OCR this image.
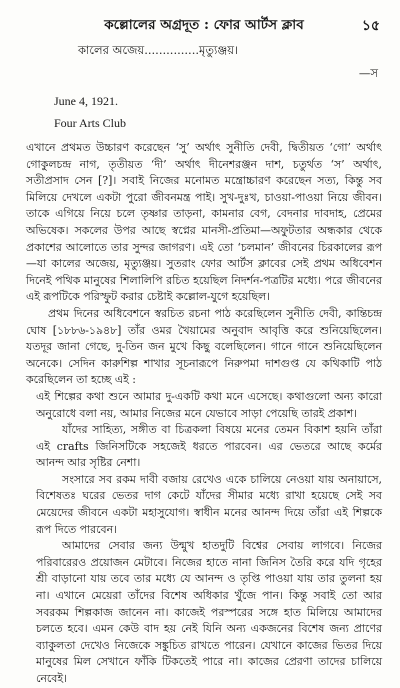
কল্লোলের অগ্রদূত : ফোর আর্টস ক্লাব	১৫
কালের অজেয়...............মৃত্যুঞ্জয়।
—স
June 4, 1921.
Four Arts Club

এখানে প্রথমত উচ্চারণ করেছেন ‘সু’ অর্থাৎ সুনীতি দেবী, দ্বিতীয়ত ‘গো’ অর্থাৎ গোকুলচন্দ্র নাগ, তৃতীয়ত ‘দী’ অর্থাৎ দীনেশরঞ্জন দাশ, চতুর্থত ‘স’ অর্থাৎ, সতীপ্রসাদ সেন [?]। সবাই নিজের মনোমত মন্ত্রোচ্চারণ করেছেন সত্য, কিন্তু সব মিলিয়ে দেখলে একটা পুরো জীবনমন্ত্র পাই। সুখ-দুঃখ, চাওয়া-পাওয়া নিয়ে জীবন। তাকে এগিয়ে নিয়ে চলে তৃষ্ণার তাড়না, কামনার বেগ, বেদনার দাবদাহ, প্রেমের অভিষেক। সকলের উপর আছে স্বপ্নের মানসী-প্রতিমা—অফুটতার অন্ধকার থেকে প্রকাশের আলোতে তার সুন্দর জাগরণ। এই তো ‘চলমান’ জীবনের চিরকালের রূপ—যা কালের অজেয়, মৃত্যুঞ্জয়। সুতরাং ফোর আর্টস ক্লাবের সেই প্রথম অধিবেশন দিনেই পথিক মানুষের শিলালিপি রচিত হয়েছিল নিদর্শন-পত্রটির মধ্যে। পরে জীবনের এই রূপটিকে পরিস্ফুট করার চেষ্টাই কল্লোল-যুগে হয়েছিল।

প্রথম দিনের অধিবেশনে স্বরচিত রচনা পাঠ করেছিলেন সুনীতি দেবী, কান্তিচন্দ্র ঘোষ [১৮৮৬-১৯৪৮] তাঁর ওমর খৈয়ামের অনুবাদ আবৃত্তি করে শুনিয়েছিলেন। যতদূর জানা গেছে, দু-তিন জন মুখে কিছু বলেছিলেন। গানে গানে শুনিয়েছিলেন অনেকে। সেদিন কারুশিল্প শাখার সূচনারূপে নিরুপমা দাশগুপ্ত যে কথিকাটি পাঠ করেছিলেন তা হচ্ছে এই :

এই শিল্পের কথা শুনে আমার দু-একটি কথা মনে এসেছে। কথাগুলো অন্য কারো অনুরোধে বলা নয়, আমার নিজের মনে যেভাবে সাড়া পেয়েছি তারই প্রকাশ।

যাঁদের সাহিত্য, সঙ্গীত বা চিত্রকলা বিষয়ে মনের তেমন বিকাশ হয়নি তাঁরা এই crafts জিনিসটিকে সহজেই ধরতে পারবেন। এর ভেতরে আছে কর্মের আনন্দ আর সৃষ্টির নেশা।

সংসারে সব রকম দাবী বজায় রেখেও একে চালিয়ে নেওয়া যায় অনায়াসে, বিশেষতঃ ঘরের ভেতর দাগ কেটে যাঁদের সীমার মধ্যে রাখা হয়েছে সেই সব মেয়েদের জীবনে একটা মহাসুযোগ। স্বাধীন মনের আনন্দ দিয়ে তাঁরা এই শিল্পকে রূপ দিতে পারবেন।

আমাদের সেবার জন্য উন্মুখ হাতদুটি বিশ্বের সেবায় লাগবে। নিজের পরিবারেরও প্রয়োজন মেটাবে। নিজের হাতে নানা জিনিস তৈরি করে যদি গৃহের শ্রী বাড়ানো যায় তবে তার মধ্যে যে আনন্দ ও তৃপ্তি পাওয়া যায় তার তুলনা হয় না। এখানে মেয়েরা তাঁদের বিশেষ অধিকার খুঁজে পান। কিন্তু সবাই তো আর সবরকম শিল্পকাজ জানেন না। কাজেই পরস্পরের সঙ্গে হাত মিলিয়ে আমাদের চলতে হবে। এমন কেউ বাদ হয় নেই যিনি অন্য একজনের বিশেষ জন্য প্রাণের ব্যাকুলতা দেখেও নিজেকে সঙ্কুচিত রাখতে পারেন। যেখানে কাজের ভিতর দিয়ে মানুষের মিল সেখানে ফাঁকি টিকতেই পারে না। কাজের প্রেরণা তাদের চালিয়ে নেবেই।
